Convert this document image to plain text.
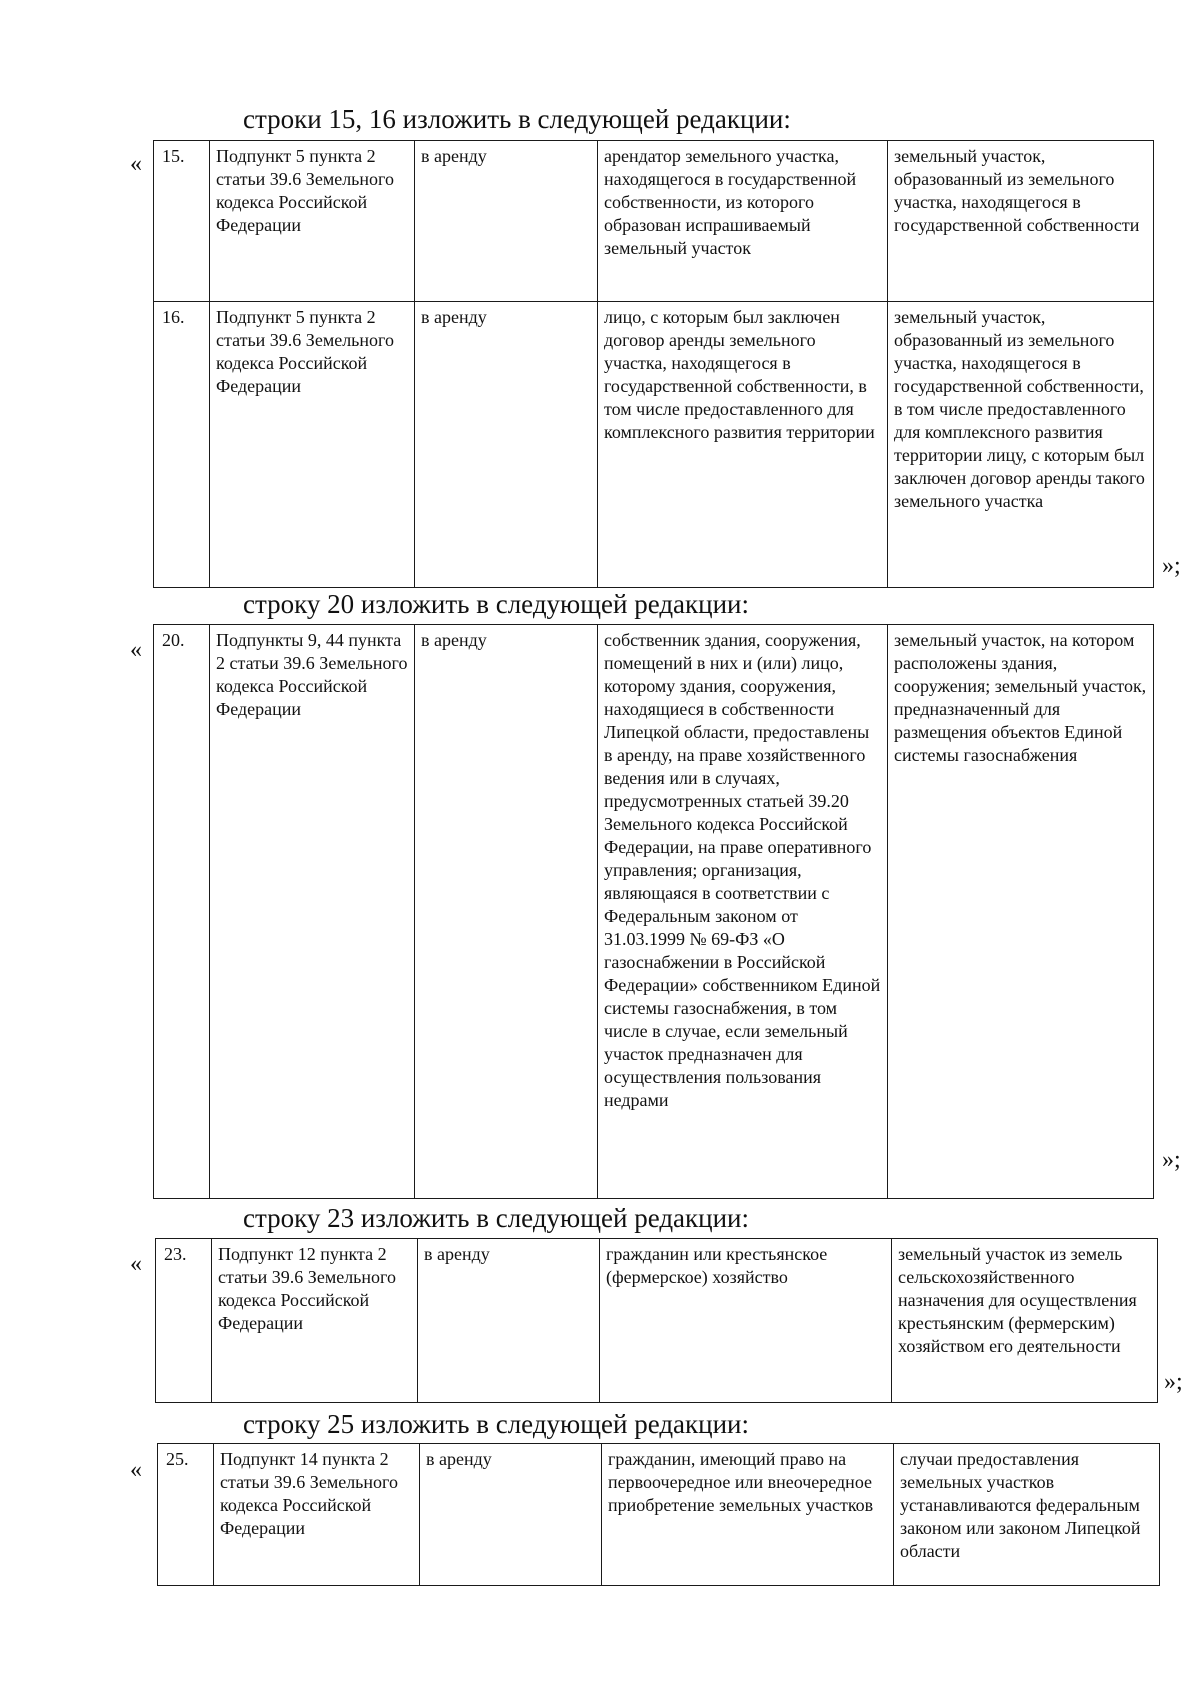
строки 15, 16 изложить в следующей редакции:
« 15.	Подпункт 5 пункта 2 статьи 39.6 Земельного кодекса Российской Федерации	в аренду	арендатор земельного участка, находящегося в государственной собственности, из которого образован испрашиваемый земельный участок	земельный участок, образованный из земельного участка, находящегося в государственной собственности
16.	Подпункт 5 пункта 2 статьи 39.6 Земельного кодекса Российской Федерации	в аренду	лицо, с которым был заключен договор аренды земельного участка, находящегося в государственной собственности, в том числе предоставленного для комплексного развития территории	земельный участок, образованный из земельного участка, находящегося в государственной собственности, в том числе предоставленного для комплексного развития территории лицу, с которым был заключен договор аренды такого земельного участка
»;
строку 20 изложить в следующей редакции:
« 20.	Подпункты 9, 44 пункта 2 статьи 39.6 Земельного кодекса Российской Федерации	в аренду	собственник здания, сооружения, помещений в них и (или) лицо, которому здания, сооружения, находящиеся в собственности Липецкой области, предоставлены в аренду, на праве хозяйственного ведения или в случаях, предусмотренных статьей 39.20 Земельного кодекса Российской Федерации, на праве оперативного управления; организация, являющаяся в соответствии с Федеральным законом от 31.03.1999 № 69-ФЗ «О газоснабжении в Российской Федерации» собственником Единой системы газоснабжения, в том числе в случае, если земельный участок предназначен для осуществления пользования недрами	земельный участок, на котором расположены здания, сооружения; земельный участок, предназначенный для размещения объектов Единой системы газоснабжения
»;
строку 23 изложить в следующей редакции:
« 23.	Подпункт 12 пункта 2 статьи 39.6 Земельного кодекса Российской Федерации	в аренду	гражданин или крестьянское (фермерское) хозяйство	земельный участок из земель сельскохозяйственного назначения для осуществления крестьянским (фермерским) хозяйством его деятельности
»;
строку 25 изложить в следующей редакции:
« 25.	Подпункт 14 пункта 2 статьи 39.6 Земельного кодекса Российской Федерации	в аренду	гражданин, имеющий право на первоочередное или внеочередное приобретение земельных участков	случаи предоставления земельных участков устанавливаются федеральным законом или законом Липецкой области
